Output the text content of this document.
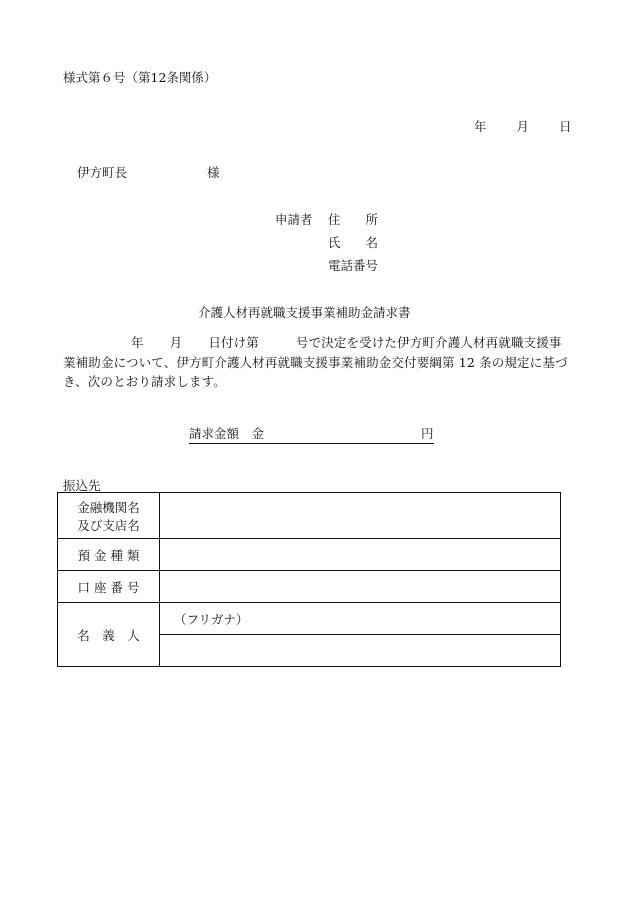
様式第６号（第12条関係）
年 月 日
伊方町長	様
申請者	住　　所
氏　　名
電話番号
介護人材再就職支援事業補助金請求書
年 月 日付け第	号で決定を受けた伊方町介護人材再就職支援事業補助金について、伊方町介護人材再就職支援事業補助金交付要綱第 12 条の規定に基づき、次のとおり請求します。
請求金額　金	円
振込先
金融機関名
及び支店名	

預 金 種 類	
口 座 番 号	
名　義　人	（フリガナ）
